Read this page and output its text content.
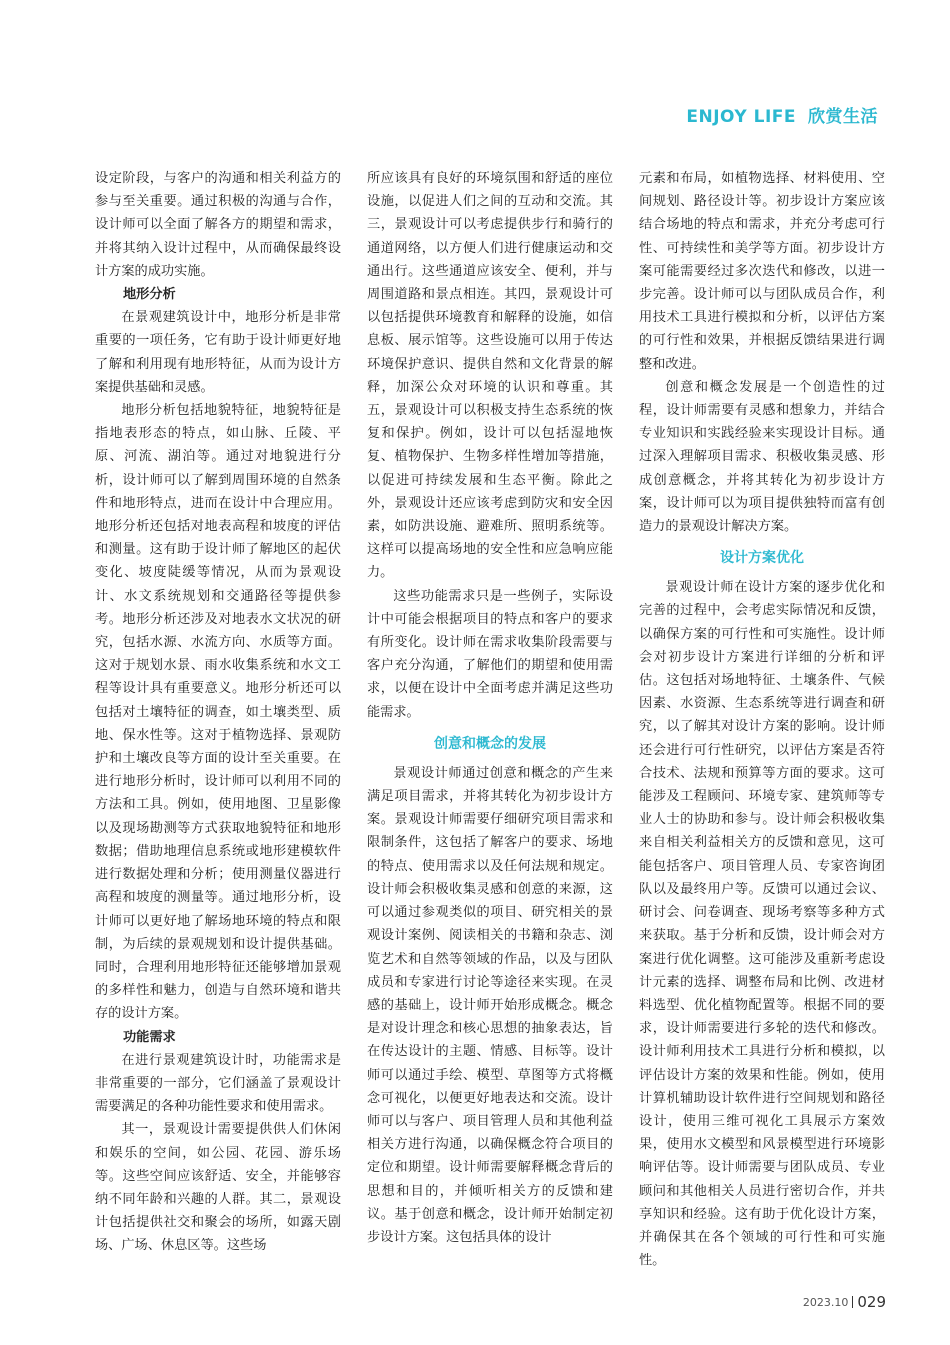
ENJOY LIFE 欣赏生活

设定阶段，与客户的沟通和相关利益方的参与至关重要。通过积极的沟通与合作，设计师可以全面了解各方的期望和需求，并将其纳入设计过程中，从而确保最终设计方案的成功实施。

地形分析

在景观建筑设计中，地形分析是非常重要的一项任务，它有助于设计师更好地了解和利用现有地形特征，从而为设计方案提供基础和灵感。

地形分析包括地貌特征，地貌特征是指地表形态的特点，如山脉、丘陵、平原、河流、湖泊等。通过对地貌进行分析，设计师可以了解到周围环境的自然条件和地形特点，进而在设计中合理应用。地形分析还包括对地表高程和坡度的评估和测量。这有助于设计师了解地区的起伏变化、坡度陡缓等情况，从而为景观设计、水文系统规划和交通路径等提供参考。地形分析还涉及对地表水文状况的研究，包括水源、水流方向、水质等方面。这对于规划水景、雨水收集系统和水文工程等设计具有重要意义。地形分析还可以包括对土壤特征的调查，如土壤类型、质地、保水性等。这对于植物选择、景观防护和土壤改良等方面的设计至关重要。在进行地形分析时，设计师可以利用不同的方法和工具。例如，使用地图、卫星影像以及现场勘测等方式获取地貌特征和地形数据；借助地理信息系统或地形建模软件进行数据处理和分析；使用测量仪器进行高程和坡度的测量等。通过地形分析，设计师可以更好地了解场地环境的特点和限制，为后续的景观规划和设计提供基础。同时，合理利用地形特征还能够增加景观的多样性和魅力，创造与自然环境和谐共存的设计方案。

功能需求

在进行景观建筑设计时，功能需求是非常重要的一部分，它们涵盖了景观设计需要满足的各种功能性要求和使用需求。

其一，景观设计需要提供供人们休闲和娱乐的空间，如公园、花园、游乐场等。这些空间应该舒适、安全，并能够容纳不同年龄和兴趣的人群。其二，景观设计包括提供社交和聚会的场所，如露天剧场、广场、休息区等。这些场

所应该具有良好的环境氛围和舒适的座位设施，以促进人们之间的互动和交流。其三，景观设计可以考虑提供步行和骑行的通道网络，以方便人们进行健康运动和交通出行。这些通道应该安全、便利，并与周围道路和景点相连。其四，景观设计可以包括提供环境教育和解释的设施，如信息板、展示馆等。这些设施可以用于传达环境保护意识、提供自然和文化背景的解释，加深公众对环境的认识和尊重。其五，景观设计可以积极支持生态系统的恢复和保护。例如，设计可以包括湿地恢复、植物保护、生物多样性增加等措施，以促进可持续发展和生态平衡。除此之外，景观设计还应该考虑到防灾和安全因素，如防洪设施、避难所、照明系统等。这样可以提高场地的安全性和应急响应能力。

这些功能需求只是一些例子，实际设计中可能会根据项目的特点和客户的要求有所变化。设计师在需求收集阶段需要与客户充分沟通，了解他们的期望和使用需求，以便在设计中全面考虑并满足这些功能需求。

创意和概念的发展

景观设计师通过创意和概念的产生来满足项目需求，并将其转化为初步设计方案。景观设计师需要仔细研究项目需求和限制条件，这包括了解客户的要求、场地的特点、使用需求以及任何法规和规定。设计师会积极收集灵感和创意的来源，这可以通过参观类似的项目、研究相关的景观设计案例、阅读相关的书籍和杂志、浏览艺术和自然等领域的作品，以及与团队成员和专家进行讨论等途径来实现。在灵感的基础上，设计师开始形成概念。概念是对设计理念和核心思想的抽象表达，旨在传达设计的主题、情感、目标等。设计师可以通过手绘、模型、草图等方式将概念可视化，以便更好地表达和交流。设计师可以与客户、项目管理人员和其他利益相关方进行沟通，以确保概念符合项目的定位和期望。设计师需要解释概念背后的思想和目的，并倾听相关方的反馈和建议。基于创意和概念，设计师开始制定初步设计方案。这包括具体的设计

元素和布局，如植物选择、材料使用、空间规划、路径设计等。初步设计方案应该结合场地的特点和需求，并充分考虑可行性、可持续性和美学等方面。初步设计方案可能需要经过多次迭代和修改，以进一步完善。设计师可以与团队成员合作，利用技术工具进行模拟和分析，以评估方案的可行性和效果，并根据反馈结果进行调整和改进。

创意和概念发展是一个创造性的过程，设计师需要有灵感和想象力，并结合专业知识和实践经验来实现设计目标。通过深入理解项目需求、积极收集灵感、形成创意概念，并将其转化为初步设计方案，设计师可以为项目提供独特而富有创造力的景观设计解决方案。

设计方案优化

景观设计师在设计方案的逐步优化和完善的过程中，会考虑实际情况和反馈，以确保方案的可行性和可实施性。设计师会对初步设计方案进行详细的分析和评估。这包括对场地特征、土壤条件、气候因素、水资源、生态系统等进行调查和研究，以了解其对设计方案的影响。设计师还会进行可行性研究，以评估方案是否符合技术、法规和预算等方面的要求。这可能涉及工程顾问、环境专家、建筑师等专业人士的协助和参与。设计师会积极收集来自相关利益相关方的反馈和意见，这可能包括客户、项目管理人员、专家咨询团队以及最终用户等。反馈可以通过会议、研讨会、问卷调查、现场考察等多种方式来获取。基于分析和反馈，设计师会对方案进行优化调整。这可能涉及重新考虑设计元素的选择、调整布局和比例、改进材料选型、优化植物配置等。根据不同的要求，设计师需要进行多轮的迭代和修改。设计师利用技术工具进行分析和模拟，以评估设计方案的效果和性能。例如，使用计算机辅助设计软件进行空间规划和路径设计，使用三维可视化工具展示方案效果，使用水文模型和风景模型进行环境影响评估等。设计师需要与团队成员、专业顾问和其他相关人员进行密切合作，并共享知识和经验。这有助于优化设计方案，并确保其在各个领域的可行性和可实施性。

2023.10 029
